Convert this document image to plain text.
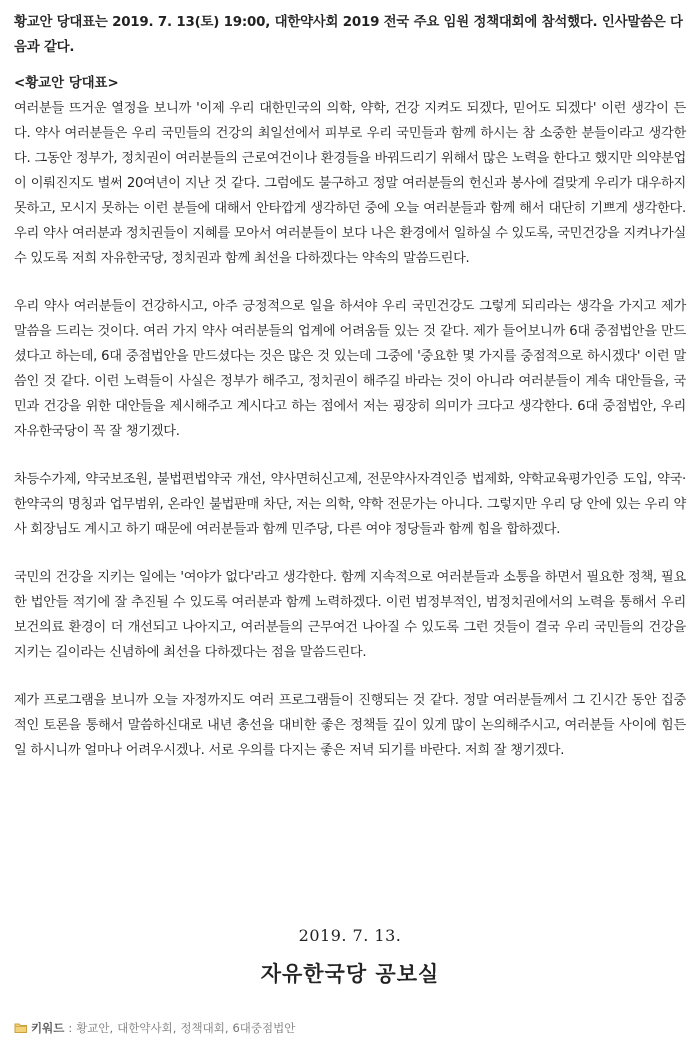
황교안 당대표는 2019. 7. 13(토) 19:00, 대한약사회 2019 전국 주요 임원 정책대회에 참석했다. 인사말씀은 다음과 같다.

<황교안 당대표>

여러분들 뜨거운 열정을 보니까 '이제 우리 대한민국의 의학, 약학, 건강 지켜도 되겠다, 믿어도 되겠다' 이런 생각이 든다. 약사 여러분들은 우리 국민들의 건강의 최일선에서 피부로 우리 국민들과 함께 하시는 참 소중한 분들이라고 생각한다. 그동안 정부가, 정치권이 여러분들의 근로여건이나 환경들을 바꿔드리기 위해서 많은 노력을 한다고 했지만 의약분업이 이뤄진지도 벌써 20여년이 지난 것 같다. 그럼에도 불구하고 정말 여러분들의 헌신과 봉사에 걸맞게 우리가 대우하지 못하고, 모시지 못하는 이런 분들에 대해서 안타깝게 생각하던 중에 오늘 여러분들과 함께 해서 대단히 기쁘게 생각한다. 우리 약사 여러분과 정치권들이 지혜를 모아서 여러분들이 보다 나은 환경에서 일하실 수 있도록, 국민건강을 지켜나가실 수 있도록 저희 자유한국당, 정치권과 함께 최선을 다하겠다는 약속의 말씀드린다.

우리 약사 여러분들이 건강하시고, 아주 긍정적으로 일을 하셔야 우리 국민건강도 그렇게 되리라는 생각을 가지고 제가 말씀을 드리는 것이다. 여러 가지 약사 여러분들의 업계에 어려움들 있는 것 같다. 제가 들어보니까 6대 중점법안을 만드셨다고 하는데, 6대 중점법안을 만드셨다는 것은 많은 것 있는데 그중에 '중요한 몇 가지를 중점적으로 하시겠다' 이런 말씀인 것 같다. 이런 노력들이 사실은 정부가 해주고, 정치권이 해주길 바라는 것이 아니라 여러분들이 계속 대안들을, 국민과 건강을 위한 대안들을 제시해주고 계시다고 하는 점에서 저는 굉장히 의미가 크다고 생각한다. 6대 중점법안, 우리 자유한국당이 꼭 잘 챙기겠다.

차등수가제, 약국보조원, 불법편법약국 개선, 약사면허신고제, 전문약사자격인증 법제화, 약학교육평가인증 도입, 약국·한약국의 명칭과 업무범위, 온라인 불법판매 차단, 저는 의학, 약학 전문가는 아니다. 그렇지만 우리 당 안에 있는 우리 약사 회장님도 계시고 하기 때문에 여러분들과 함께 민주당, 다른 여야 정당들과 함께 힘을 합하겠다.

국민의 건강을 지키는 일에는 '여야가 없다'라고 생각한다. 함께 지속적으로 여러분들과 소통을 하면서 필요한 정책, 필요한 법안들 적기에 잘 추진될 수 있도록 여러분과 함께 노력하겠다. 이런 범정부적인, 범정치권에서의 노력을 통해서 우리 보건의료 환경이 더 개선되고 나아지고, 여러분들의 근무여건 나아질 수 있도록 그런 것들이 결국 우리 국민들의 건강을 지키는 길이라는 신념하에 최선을 다하겠다는 점을 말씀드린다.

제가 프로그램을 보니까 오늘 자정까지도 여러 프로그램들이 진행되는 것 같다. 정말 여러분들께서 그 긴시간 동안 집중적인 토론을 통해서 말씀하신대로 내년 총선을 대비한 좋은 정책들 깊이 있게 많이 논의해주시고, 여러분들 사이에 힘든 일 하시니까 얼마나 어려우시겠나. 서로 우의를 다지는 좋은 저녁 되기를 바란다. 저희 잘 챙기겠다.

2019. 7. 13.
자유한국당 공보실
키워드 : 황교안 , 대한약사회 , 정책대회 , 6대중점법안
